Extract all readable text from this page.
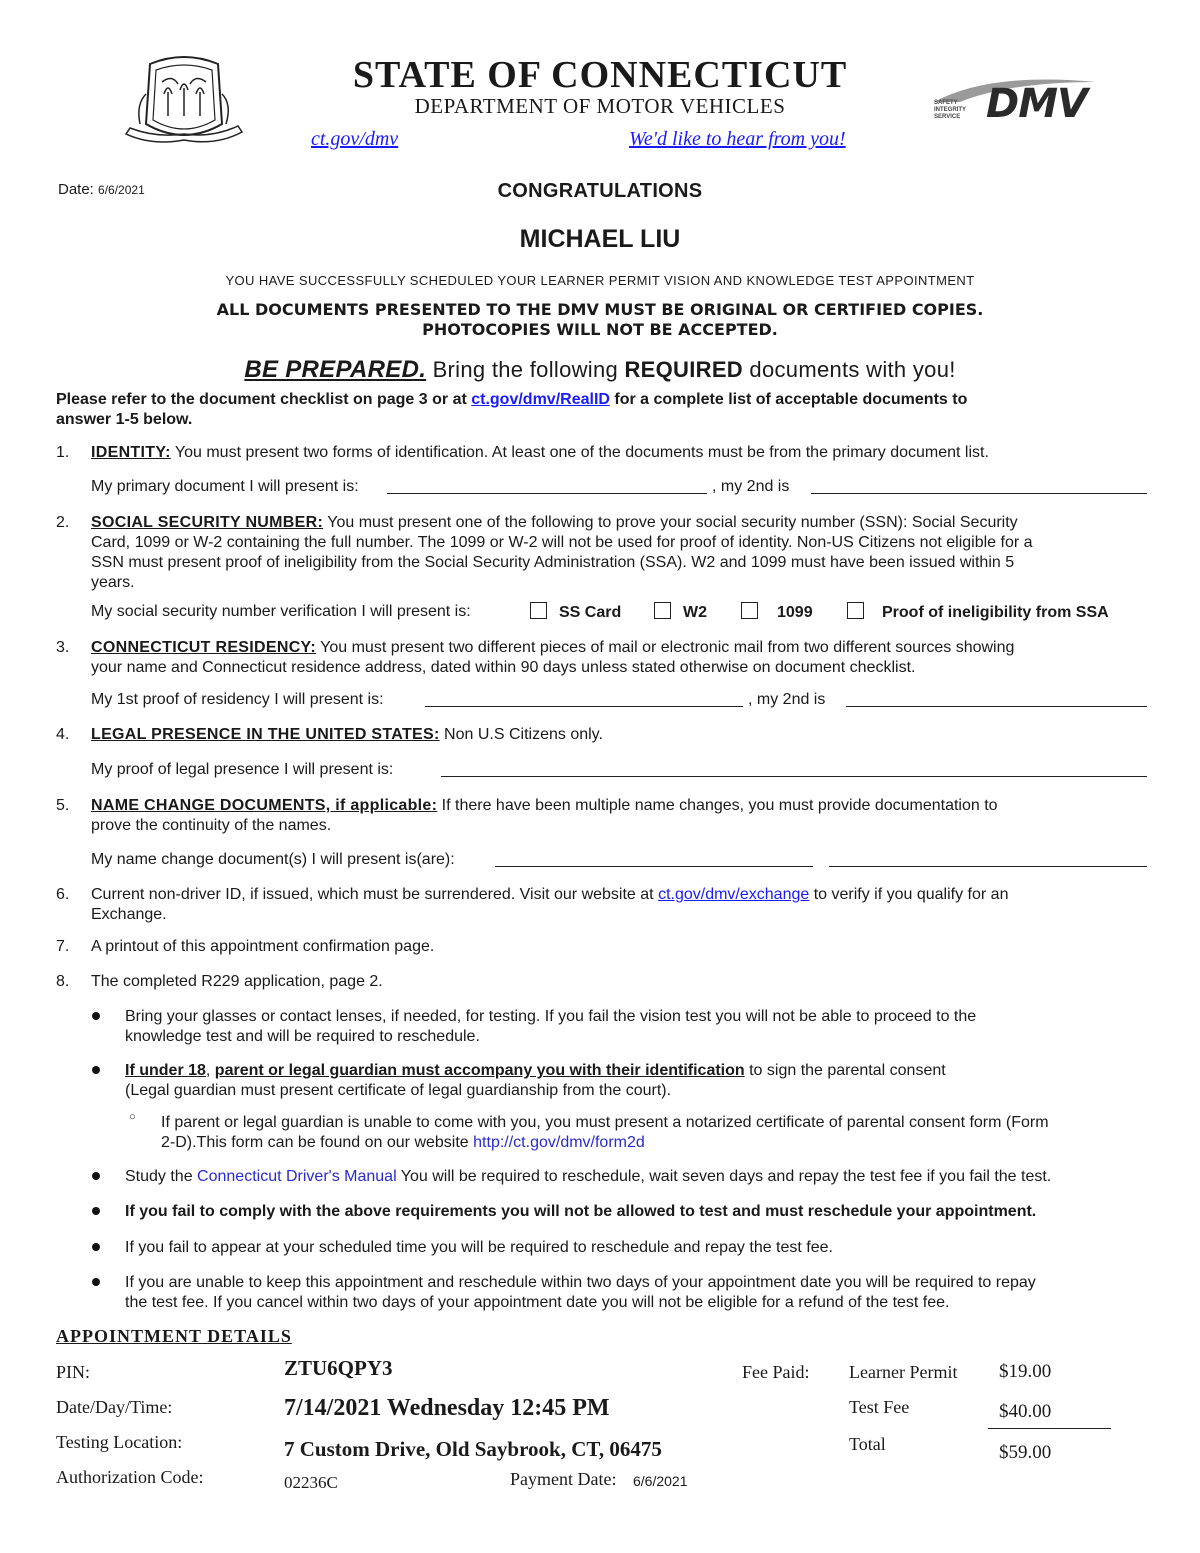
STATE OF CONNECTICUT
DEPARTMENT OF MOTOR VEHICLES
ct.gov/dmv	We'd like to hear from you!
DMV
SAFETY
INTEGRITY
SERVICE
Date: 6/6/2021	CONGRATULATIONS
MICHAEL LIU
YOU HAVE SUCCESSFULLY SCHEDULED YOUR LEARNER PERMIT VISION AND KNOWLEDGE TEST APPOINTMENT
ALL DOCUMENTS PRESENTED TO THE DMV MUST BE ORIGINAL OR CERTIFIED COPIES.
PHOTOCOPIES WILL NOT BE ACCEPTED.
BE PREPARED. Bring the following REQUIRED documents with you!
Please refer to the document checklist on page 3 or at ct.gov/dmv/RealID for a complete list of acceptable documents to
answer 1-5 below.
1.	IDENTITY: You must present two forms of identification. At least one of the documents must be from the primary document list.
My primary document I will present is:	, my 2nd is
2.	SOCIAL SECURITY NUMBER: You must present one of the following to prove your social security number (SSN): Social Security
Card, 1099 or W-2 containing the full number. The 1099 or W-2 will not be used for proof of identity. Non-US Citizens not eligible for a
SSN must present proof of ineligibility from the Social Security Administration (SSA). W2 and 1099 must have been issued within 5
years.
My social security number verification I will present is:	SS Card	W2	1099	Proof of ineligibility from SSA
3.	CONNECTICUT RESIDENCY: You must present two different pieces of mail or electronic mail from two different sources showing
your name and Connecticut residence address, dated within 90 days unless stated otherwise on document checklist.
My 1st proof of residency I will present is:	, my 2nd is
4.	LEGAL PRESENCE IN THE UNITED STATES: Non U.S Citizens only.
My proof of legal presence I will present is:
5.	NAME CHANGE DOCUMENTS, if applicable: If there have been multiple name changes, you must provide documentation to
prove the continuity of the names.
My name change document(s) I will present is(are):
6.	Current non-driver ID, if issued, which must be surrendered. Visit our website at ct.gov/dmv/exchange to verify if you qualify for an
Exchange.
7.	A printout of this appointment confirmation page.
8.	The completed R229 application, page 2.
Bring your glasses or contact lenses, if needed, for testing. If you fail the vision test you will not be able to proceed to the
knowledge test and will be required to reschedule.
If under 18, parent or legal guardian must accompany you with their identification to sign the parental consent
(Legal guardian must present certificate of legal guardianship from the court).
○ If parent or legal guardian is unable to come with you, you must present a notarized certificate of parental consent form (Form
2-D).This form can be found on our website http://ct.gov/dmv/form2d
Study the Connecticut Driver's Manual You will be required to reschedule, wait seven days and repay the test fee if you fail the test.
If you fail to comply with the above requirements you will not be allowed to test and must reschedule your appointment.
If you fail to appear at your scheduled time you will be required to reschedule and repay the test fee.
If you are unable to keep this appointment and reschedule within two days of your appointment date you will be required to repay
the test fee. If you cancel within two days of your appointment date you will not be eligible for a refund of the test fee.
APPOINTMENT DETAILS
PIN:	ZTU6QPY3
Date/Day/Time:	7/14/2021 Wednesday 12:45 PM
Testing Location:	7 Custom Drive, Old Saybrook, CT, 06475
Authorization Code:	02236C	Payment Date: 6/6/2021
Fee Paid: Learner Permit $19.00
Test Fee	$40.00
Total	$59.00
